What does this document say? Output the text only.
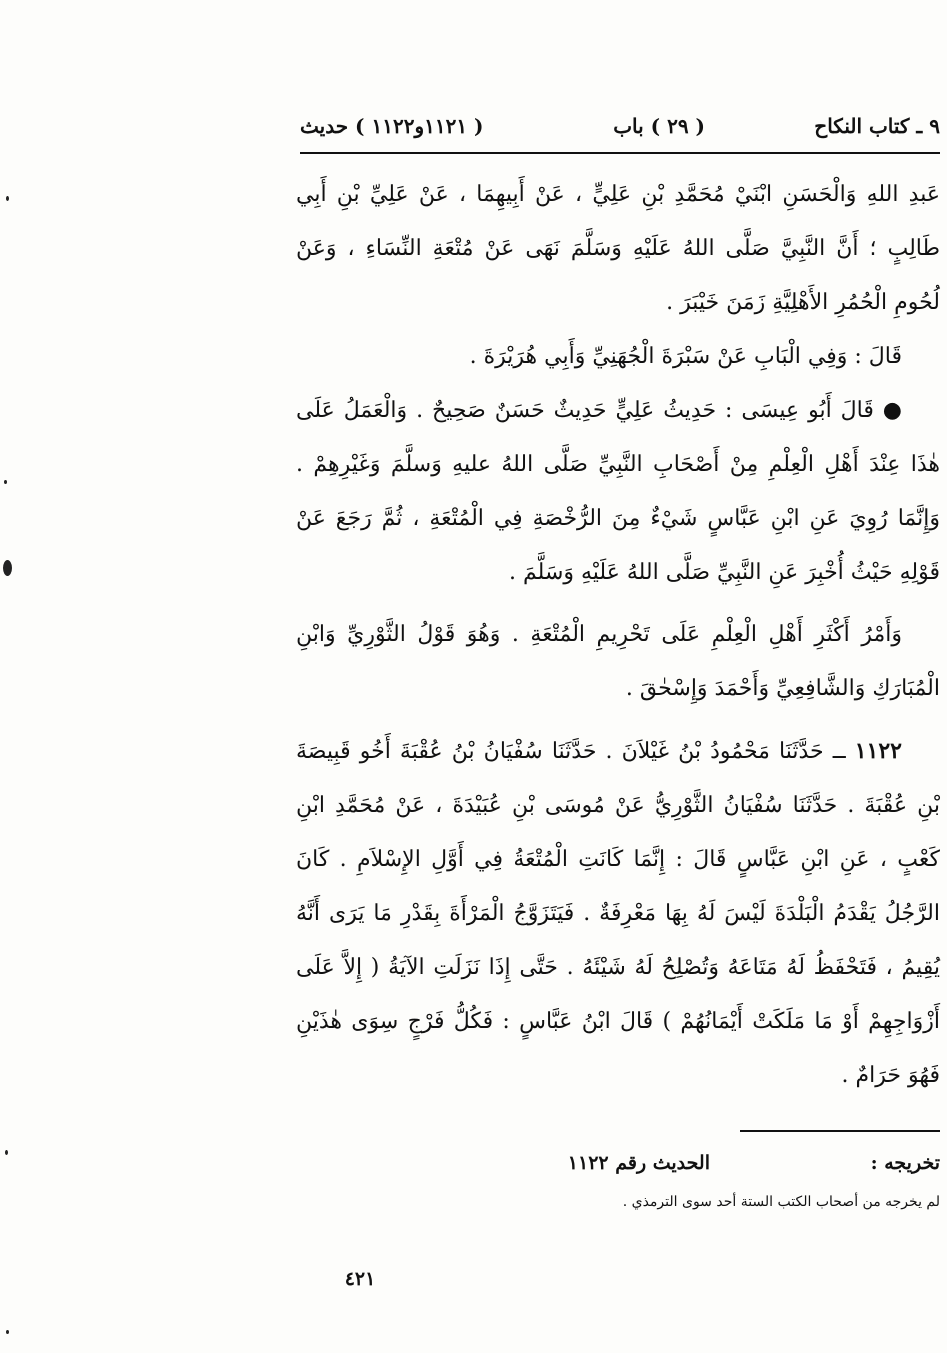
٩ ـ كتاب النكاح
( ٢٩ ) باب
( ١١٢١و١١٢٢ ) حديث

عَبدِ اللهِ وَالْحَسَنِ ابْنَيْ مُحَمَّدِ بْنِ عَلِيٍّ ، عَنْ أَبِيهِمَا ، عَنْ عَلِيِّ بْنِ أَبِي طَالِبٍ ؛ أَنَّ النَّبِيَّ صَلَّى اللهُ عَلَيْهِ وَسَلَّمَ نَهَى عَنْ مُتْعَةِ النِّسَاءِ ، وَعَنْ لُحُومِ الْحُمُرِ الأَهْلِيَّةِ زَمَنَ خَيْبَرَ .

قَالَ : وَفِي الْبَابِ عَنْ سَبْرَةَ الْجُهَنِيِّ وَأَبِي هُرَيْرَةَ .

● قَالَ أَبُو عِيسَى : حَدِيثُ عَلِيٍّ حَدِيثٌ حَسَنٌ صَحِيحٌ . وَالْعَمَلُ عَلَى هٰذَا عِنْدَ أَهْلِ الْعِلْمِ مِنْ أَصْحَابِ النَّبِيِّ صَلَّى اللهُ عليهِ وَسلَّمَ وَغَيْرِهِمْ . وَإِنَّمَا رُوِيَ عَنِ ابْنِ عَبَّاسٍ شَيْءٌ مِنَ الرُّخْصَةِ فِي الْمُتْعَةِ ، ثُمَّ رَجَعَ عَنْ قَوْلِهِ حَيْثُ أُخْبِرَ عَنِ النَّبِيِّ صَلَّى اللهُ عَلَيْهِ وَسَلَّمَ .

وَأَمْرُ أَكْثَرِ أَهْلِ الْعِلْمِ عَلَى تَحْرِيمِ الْمُتْعَةِ . وَهُوَ قَوْلُ الثَّوْرِيِّ وَابْنِ الْمُبَارَكِ وَالشَّافِعِيِّ وَأَحْمَدَ وَإِسْحٰقَ .

١١٢٢ ــ حَدَّثَنَا مَحْمُودُ بْنُ غَيْلاَنَ . حَدَّثَنَا سُفْيَانُ بْنُ عُقْبَةَ أَخُو قَبِيصَةَ بْنِ عُقْبَةَ . حَدَّثَنَا سُفْيَانُ الثَّوْرِيُّ عَنْ مُوسَى بْنِ عُبَيْدَةَ ، عَنْ مُحَمَّدِ ابْنِ كَعْبٍ ، عَنِ ابْنِ عَبَّاسٍ قَالَ : إِنَّمَا كَانَتِ الْمُتْعَةُ فِي أَوَّلِ الإِسْلاَمِ . كَانَ الرَّجُلُ يَقْدَمُ الْبَلْدَةَ لَيْسَ لَهُ بِهَا مَعْرِفَةٌ . فَيَتَزَوَّجُ الْمَرْأَةَ بِقَدْرِ مَا يَرَى أَنَّهُ يُقِيمُ ، فَتَحْفَظُ لَهُ مَتَاعَهُ وَتُصْلِحُ لَهُ شَيْئَهُ . حَتَّى إِذَا نَزَلَتِ الآيَةُ ( إِلاَّ عَلَى أَزْوَاجِهِمْ أَوْ مَا مَلَكَتْ أَيْمَانُهُمْ ) قَالَ ابْنُ عَبَّاسٍ : فَكُلُّ فَرْجٍ سِوَى هٰذَيْنِ فَهُوَ حَرَامٌ .

تخريجه :
الحديث رقم ١١٢٢
لم يخرجه من أصحاب الكتب الستة أحد سوى الترمذي .
٤٢١
